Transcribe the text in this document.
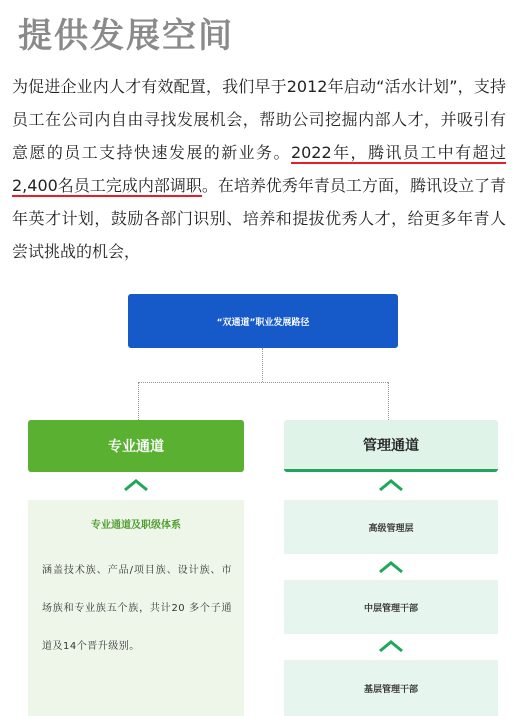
提供发展空间
为促进企业内人才有效配置，我们早于2012年启动“活水计划”，支持员工在公司内自由寻找发展机会，帮助公司挖掘内部人才，并吸引有意愿的员工支持快速发展的新业务。2022年，腾讯员工中有超过2,400名员工完成内部调职。在培养优秀年青员工方面，腾讯设立了青年英才计划，鼓励各部门识别、培养和提拔优秀人才，给更多年青人尝试挑战的机会，
“双通道”职业发展路径
专业通道	管理通道
专业通道及职级体系
涵盖技术族、产品/项目族、设计族、市场族和专业族五个族，共计20 多个子通道及14个晋升级别。
高级管理层
中层管理干部
基层管理干部
